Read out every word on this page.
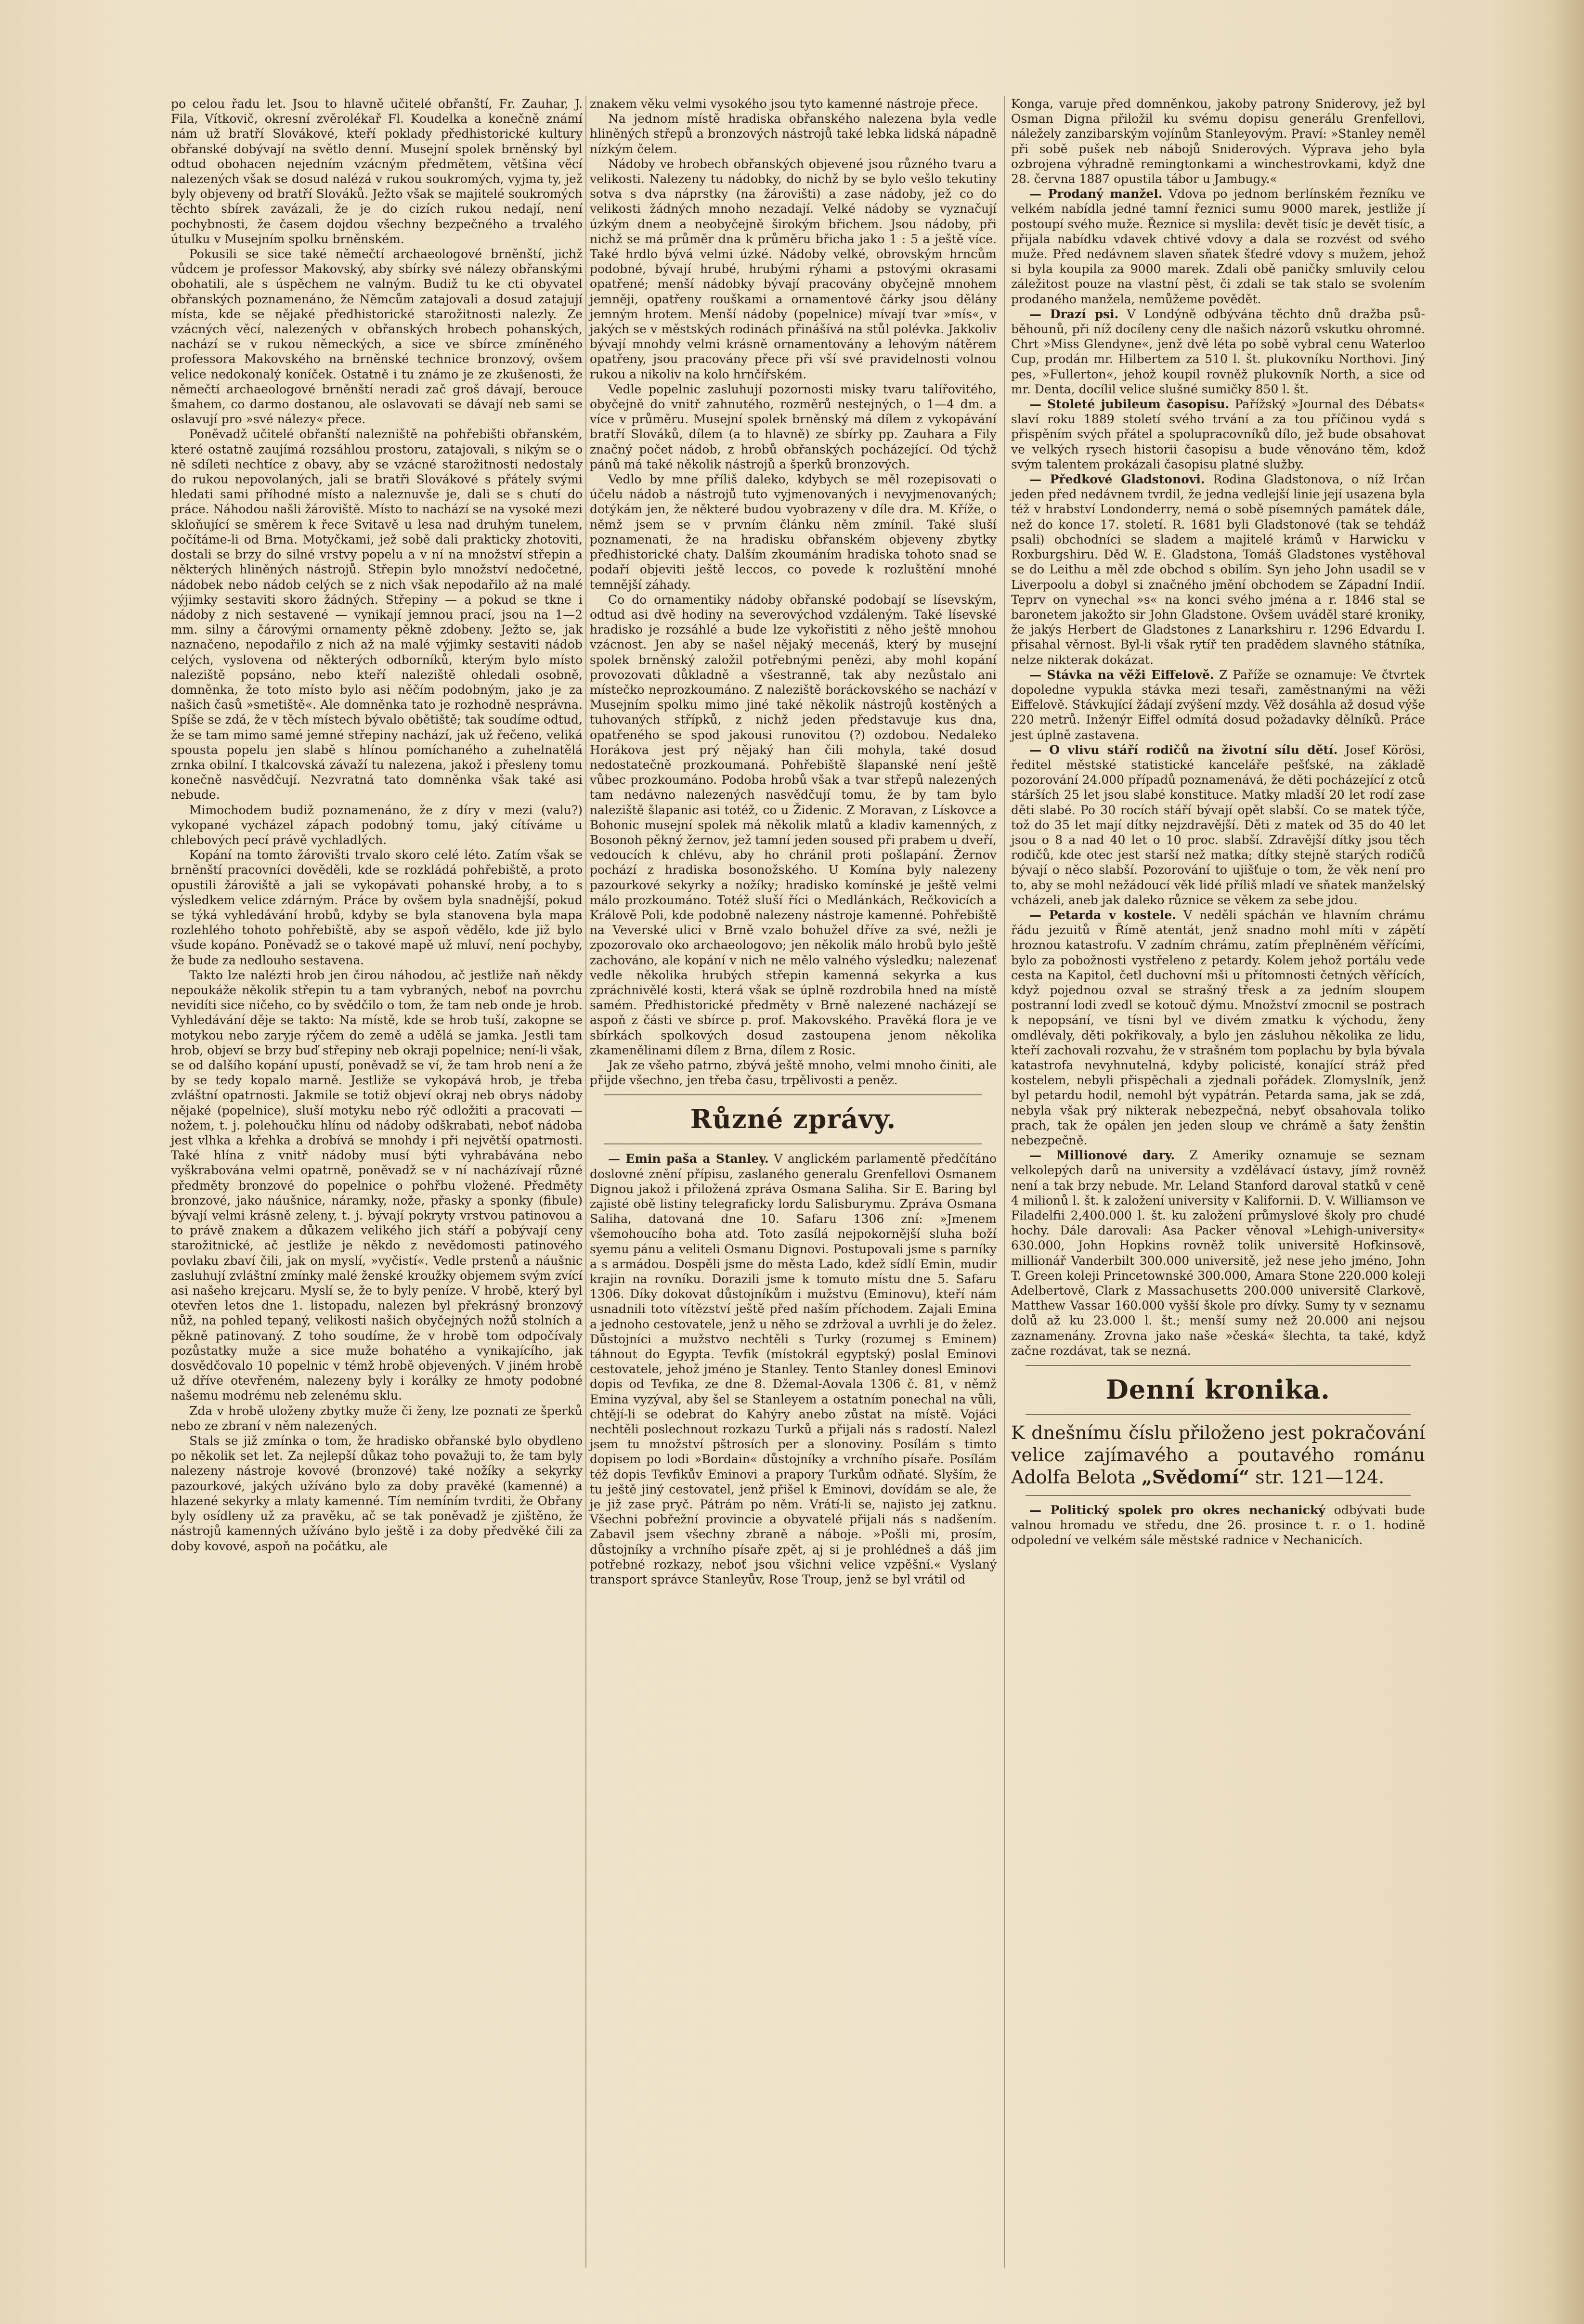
po celou řadu let. Jsou to hlavně učitelé obřanští, Fr. Zauhar, J. Fila, Vítkovič, okresní zvěrolékař Fl. Koudelka a konečně známí nám už bratří Slovákové, kteří poklady předhistorické kultury obřanské dobývají na světlo denní. Musejní spolek brněnský byl odtud obohacen nejedním vzácným předmětem, většina věcí nalezených však se dosud nalézá v rukou soukromých, vyjma ty, jež byly objeveny od bratří Slováků. Ježto však se majitelé soukromých těchto sbírek zavázali, že je do cizích rukou nedají, není pochybnosti, že časem dojdou všechny bezpečného a trvalého útulku v Musejním spolku brněnském.

Pokusili se sice také němečtí archaeologové brněnští, jichž vůdcem je professor Makovský, aby sbírky své nálezy obřanskými obohatili, ale s úspěchem ne valným. Budiž tu ke cti obyvatel obřanských poznamenáno, že Němcům zatajovali a dosud zatajují místa, kde se nějaké předhistorické starožitnosti nalezly. Ze vzácných věcí, nalezených v obřanských hrobech pohanských, nachází se v rukou německých, a sice ve sbírce zmíněného professora Makovského na brněnské technice bronzový, ovšem velice nedokonalý koníček. Ostatně i tu známo je ze zkušenosti, že němečtí archaeologové brněnští neradi zač groš dávají, berouce šmahem, co darmo dostanou, ale oslavovati se dávají neb sami se oslavují pro »své nálezy« přece.

Poněvadž učitelé obřanští nalezniště na pohřebišti obřanském, které ostatně zaujímá rozsáhlou prostoru, zatajovali, s nikým se o ně sdíleti nechtíce z obavy, aby se vzácné starožitnosti nedostaly do rukou nepovolaných, jali se bratři Slovákové s přátely svými hledati sami příhodné místo a naleznuvše je, dali se s chutí do práce. Náhodou našli žároviště. Místo to nachází se na vysoké mezi skloňující se směrem k řece Svitavě u lesa nad druhým tunelem, počítáme-li od Brna. Motyčkami, jež sobě dali prakticky zhotoviti, dostali se brzy do silné vrstvy popelu a v ní na množství střepin a některých hliněných nástrojů. Střepin bylo množství nedočetné, nádobek nebo nádob celých se z nich však nepodařilo až na malé výjimky sestaviti skoro žádných. Střepiny — a pokud se tkne i nádoby z nich sestavené — vynikají jemnou prací, jsou na 1—2 mm. silny a čárovými ornamenty pěkně zdobeny. Ježto se, jak naznačeno, nepodařilo z nich až na malé výjimky sestaviti nádob celých, vyslovena od některých odborníků, kterým bylo místo naleziště popsáno, nebo kteří naleziště ohledali osobně, domněnka, že toto místo bylo asi něčím podobným, jako je za našich časů »smetiště«. Ale domněnka tato je rozhodně nesprávna. Spíše se zdá, že v těch místech bývalo obětiště; tak soudíme odtud, že se tam mimo samé jemné střepiny nachází, jak už řečeno, veliká spousta popelu jen slabě s hlínou pomíchaného a zuhelnatělá zrnka obilní. I tkalcovská závaží tu nalezena, jakož i přesleny tomu konečně nasvědčují. Nezvratná tato domněnka však také asi nebude.

Mimochodem budiž poznamenáno, že z díry v mezi (valu?) vykopané vycházel zápach podobný tomu, jaký cítíváme u chlebových pecí právě vychladlých.

Kopání na tomto žárovišti trvalo skoro celé léto. Zatím však se brněnští pracovníci dověděli, kde se rozkládá pohřebiště, a proto opustili žároviště a jali se vykopávati pohanské hroby, a to s výsledkem velice zdárným. Práce by ovšem byla snadnější, pokud se týká vyhledávání hrobů, kdyby se byla stanovena byla mapa rozlehlého tohoto pohřebiště, aby se aspoň vědělo, kde již bylo všude kopáno. Poněvadž se o takové mapě už mluví, není pochyby, že bude za nedlouho sestavena.

Takto lze nalézti hrob jen čirou náhodou, ač jestliže naň někdy nepoukáže několik střepin tu a tam vybraných, neboť na povrchu nevidíti sice ničeho, co by svědčilo o tom, že tam neb onde je hrob. Vyhledávání děje se takto: Na místě, kde se hrob tuší, zakopne se motykou nebo zaryje rýčem do země a udělá se jamka. Jestli tam hrob, objeví se brzy buď střepiny neb okraji popelnice; není-li však, se od dalšího kopání upustí, poněvadž se ví, že tam hrob není a že by se tedy kopalo marně. Jestliže se vykopává hrob, je třeba zvláštní opatrnosti. Jakmile se totiž objeví okraj neb obrys nádoby nějaké (popelnice), sluší motyku nebo rýč odložiti a pracovati — nožem, t. j. polehoučku hlínu od nádoby odškrabati, neboť nádoba jest vlhka a křehka a drobívá se mnohdy i při největší opatrnosti. Také hlína z vnitř nádoby musí býti vyhrabávána nebo vyškrabována velmi opatrně, poněvadž se v ní nacházívají různé předměty bronzové do popelnice o pohřbu vložené. Předměty bronzové, jako náušnice, náramky, nože, přasky a sponky (fibule) bývají velmi krásně zeleny, t. j. bývají pokryty vrstvou patinovou a to právě znakem a důkazem velikého jich stáří a pobývají ceny starožitnické, ač jestliže je někdo z nevědomosti patinového povlaku zbaví čili, jak on myslí, »vyčistí«. Vedle prstenů a náušnic zasluhují zvláštní zmínky malé ženské kroužky objemem svým zvící asi našeho krejcaru. Myslí se, že to byly peníze. V hrobě, který byl otevřen letos dne 1. listopadu, nalezen byl překrásný bronzový nůž, na pohled tepaný, velikosti našich obyčejných nožů stolních a pěkně patinovaný. Z toho soudíme, že v hrobě tom odpočívaly pozůstatky muže a sice muže bohatého a vynikajícího, jak dosvědčovalo 10 popelnic v témž hrobě objevených. V jiném hrobě už dříve otevřeném, nalezeny byly i korálky ze hmoty podobné našemu modrému neb zelenému sklu.

Zda v hrobě uloženy zbytky muže či ženy, lze poznati ze šperků nebo ze zbraní v něm nalezených.

Stals se již zmínka o tom, že hradisko obřanské bylo obydleno po několik set let. Za nejlepší důkaz toho považuji to, že tam byly nalezeny nástroje kovové (bronzové) také nožíky a sekyrky pazourkové, jakých užíváno bylo za doby pravěké (kamenné) a hlazené sekyrky a mlaty kamenné. Tím nemíním tvrditi, že Obřany byly osídleny už za pravěku, ač se tak poněvadž je zjištěno, že nástrojů kamenných užíváno bylo ještě i za doby předvěké čili za doby kovové, aspoň na počátku, ale

znakem věku velmi vysokého jsou tyto kamenné nástroje přece.

Na jednom místě hradiska obřanského nalezena byla vedle hliněných střepů a bronzových nástrojů také lebka lidská nápadně nízkým čelem.

Nádoby ve hrobech obřanských objevené jsou různého tvaru a velikosti. Nalezeny tu nádobky, do nichž by se bylo vešlo tekutiny sotva s dva náprstky (na žárovišti) a zase nádoby, jež co do velikosti žádných mnoho nezadají. Velké nádoby se vyznačují úzkým dnem a neobyčejně širokým břichem. Jsou nádoby, při nichž se má průměr dna k průměru břicha jako 1 : 5 a ještě více. Také hrdlo bývá velmi úzké. Nádoby velké, obrovským hrncům podobné, bývají hrubé, hrubými rýhami a pstovými okrasami opatřené; menší nádobky bývají pracovány obyčejně mnohem jemněji, opatřeny rouškami a ornamentové čárky jsou dělány jemným hrotem. Menší nádoby (popelnice) mívají tvar »mís«, v jakých se v městských rodinách přinášívá na stůl polévka. Jakkoliv bývají mnohdy velmi krásně ornamentovány a lehovým nátěrem opatřeny, jsou pracovány přece při vší své pravidelnosti volnou rukou a nikoliv na kolo hrnčířském.

Vedle popelnic zasluhují pozornosti misky tvaru talířovitého, obyčejně do vnitř zahnutého, rozměrů nestejných, o 1—4 dm. a více v průměru. Musejní spolek brněnský má dílem z vykopávání bratří Slováků, dílem (a to hlavně) ze sbírky pp. Zauhara a Fily značný počet nádob, z hrobů obřanských pocházející. Od týchž pánů má také několik nástrojů a šperků bronzových.

Vedlo by mne příliš daleko, kdybych se měl rozepisovati o účelu nádob a nástrojů tuto vyjmenovaných i nevyjmenovaných; dotýkám jen, že některé budou vyobrazeny v díle dra. M. Kříže, o němž jsem se v prvním článku něm zmínil. Také sluší poznamenati, že na hradisku obřanském objeveny zbytky předhistorické chaty. Dalším zkoumáním hradiska tohoto snad se podaří objeviti ještě leccos, co povede k rozluštění mnohé temnější záhady.

Co do ornamentiky nádoby obřanské podobají se lísevským, odtud asi dvě hodiny na severovýchod vzdáleným. Také lísevské hradisko je rozsáhlé a bude lze vykořistiti z něho ještě mnohou vzácnost. Jen aby se našel nějaký mecenáš, který by musejní spolek brněnský založil potřebnými penězi, aby mohl kopání provozovati důkladně a všestranně, tak aby nezůstalo ani místečko neprozkoumáno. Z naleziště boráckovského se nachází v Musejním spolku mimo jiné také několik nástrojů kostěných a tuhovaných střípků, z nichž jeden představuje kus dna, opatřeného se spod jakousi runovitou (?) ozdobou. Nedaleko Horákova jest prý nějaký han čili mohyla, také dosud nedostatečně prozkoumaná. Pohřebiště šlapanské není ještě vůbec prozkoumáno. Podoba hrobů však a tvar střepů nalezených tam nedávno nalezených nasvědčují tomu, že by tam bylo naleziště šlapanic asi totéž, co u Židenic. Z Moravan, z Lískovce a Bohonic musejní spolek má několik mlatů a kladiv kamenných, z Bosonoh pěkný žernov, jež tamní jeden soused při prabem u dveří, vedoucích k chlévu, aby ho chránil proti pošlapání. Žernov pochází z hradiska bosonožského. U Komína byly nalezeny pazourkové sekyrky a nožíky; hradisko komínské je ještě velmi málo prozkoumáno. Totéž sluší říci o Medlánkách, Rečkovicích a Králově Poli, kde podobně nalezeny nástroje kamenné. Pohřebiště na Veverské ulici v Brně vzalo bohužel dříve za své, nežli je zpozorovalo oko archaeologovo; jen několik málo hrobů bylo ještě zachováno, ale kopání v nich ne mělo valného výsledku; nalezenať vedle několika hrubých střepin kamenná sekyrka a kus zpráchnivělé kosti, která však se úplně rozdrobila hned na místě samém. Předhistorické předměty v Brně nalezené nacházejí se aspoň z části ve sbírce p. prof. Makovského. Pravěká flora je ve sbírkách spolkových dosud zastoupena jenom několika zkamenělinami dílem z Brna, dílem z Rosic.

Jak ze všeho patrno, zbývá ještě mnoho, velmi mnoho činiti, ale přijde všechno, jen třeba času, trpělivosti a peněz.

Různé zprávy.

— Emin paša a Stanley. V anglickém parlamentě předčítáno doslovné znění přípisu, zaslaného generalu Grenfellovi Osmanem Dignou jakož i přiložená zpráva Osmana Saliha. Sir E. Baring byl zajisté obě listiny telegraficky lordu Salisburymu. Zpráva Osmana Saliha, datovaná dne 10. Safaru 1306 zní: »Jmenem všemohoucího boha atd. Toto zasílá nejpokornější sluha boží syemu pánu a veliteli Osmanu Dignovi. Postupovali jsme s parníky a s armádou. Dospěli jsme do města Lado, kdež sídlí Emin, mudir krajin na rovníku. Dorazili jsme k tomuto místu dne 5. Safaru 1306. Díky dokovat důstojníkům i mužstvu (Eminovu), kteří nám usnadnili toto vítězství ještě před naším příchodem. Zajali Emina a jednoho cestovatele, jenž u něho se zdržoval a uvrhli je do želez. Důstojníci a mužstvo nechtěli s Turky (rozumej s Eminem) táhnout do Egypta. Tevfik (místokrál egyptský) poslal Eminovi cestovatele, jehož jméno je Stanley. Tento Stanley donesl Eminovi dopis od Tevfika, ze dne 8. Džemal-Aovala 1306 č. 81, v němž Emina vyzýval, aby šel se Stanleyem a ostatním ponechal na vůli, chtějí-li se odebrat do Kahýry anebo zůstat na místě. Vojáci nechtěli poslechnout rozkazu Turků a přijali nás s radostí. Nalezl jsem tu množství pštrosích per a slonoviny. Posílám s timto dopisem po lodi »Bordain« důstojníky a vrchního písaře. Posílám též dopis Tevfikův Eminovi a prapory Turkům odňaté. Slyším, že tu ještě jiný cestovatel, jenž přišel k Eminovi, dovídám se ale, že je již zase pryč. Pátrám po něm. Vrátí-li se, najisto jej zatknu. Všechni pobřežní provincie a obyvatelé přijali nás s nadšením. Zabavil jsem všechny zbraně a náboje. »Pošli mi, prosím, důstojníky a vrchního písaře zpět, aj si je prohlédneš a dáš jim potřebné rozkazy, neboť jsou všichni velice vzpěšní.« Vyslaný transport správce Stanleyův, Rose Troup, jenž se byl vrátil od

Konga, varuje před domněnkou, jakoby patrony Sniderovy, jež byl Osman Digna přiložil ku svému dopisu generálu Grenfellovi, náležely zanzibarským vojínům Stanleyovým. Praví: »Stanley neměl při sobě pušek neb nábojů Sniderových. Výprava jeho byla ozbrojena výhradně remingtonkami a winchestrovkami, když dne 28. června 1887 opustila tábor u Jambugy.«

— Prodaný manžel. Vdova po jednom berlínském řezníku ve velkém nabídla jedné tamní řeznici sumu 9000 marek, jestliže jí postoupí svého muže. Řeznice si myslila: devět tisíc je devět tisíc, a přijala nabídku vdavek chtivé vdovy a dala se rozvést od svého muže. Před nedávnem slaven sňatek šťedré vdovy s mužem, jehož si byla koupila za 9000 marek. Zdali obě paničky smluvily celou záležitost pouze na vlastní pěst, či zdali se tak stalo se svolením prodaného manžela, nemůžeme povědět.

— Drazí psi. V Londýně odbývána těchto dnů dražba psů-běhounů, při níž docíleny ceny dle našich názorů vskutku ohromné. Chrt »Miss Glendyne«, jenž dvě léta po sobě vybral cenu Waterloo Cup, prodán mr. Hilbertem za 510 l. št. plukovníku Northovi. Jiný pes, »Fullerton«, jehož koupil rovněž plukovník North, a sice od mr. Denta, docílil velice slušné sumičky 850 l. št.

— Stoleté jubileum časopisu. Pařížský »Journal des Débats« slaví roku 1889 století svého trvání a za tou příčinou vydá s přispěním svých přátel a spolupracovníků dílo, jež bude obsahovat ve velkých rysech historii časopisu a bude věnováno těm, kdož svým talentem prokázali časopisu platné služby.

— Předkové Gladstonovi. Rodina Gladstonova, o níž Irčan jeden před nedávnem tvrdil, že jedna vedlejší linie její usazena byla též v hrabství Londonderry, nemá o sobě písemných památek dále, než do konce 17. století. R. 1681 byli Gladstonové (tak se tehdáž psali) obchodníci se sladem a majitelé krámů v Harwicku v Roxburgshiru. Děd W. E. Gladstona, Tomáš Gladstones vystěhoval se do Leithu a měl zde obchod s obilím. Syn jeho John usadil se v Liverpoolu a dobyl si značného jmění obchodem se Západní Indií. Teprv on vynechal »s« na konci svého jména a r. 1846 stal se baronetem jakožto sir John Gladstone. Ovšem uváděl staré kroniky, že jakýs Herbert de Gladstones z Lanarkshiru r. 1296 Edvardu I. přisahal věrnost. Byl-li však rytíř ten pradědem slavného státníka, nelze nikterak dokázat.

— Stávka na věži Eiffelově. Z Paříže se oznamuje: Ve čtvrtek dopoledne vypukla stávka mezi tesaři, zaměstnanými na věži Eiffelově. Stávkující žádají zvýšení mzdy. Věž dosáhla až dosud výše 220 metrů. Inženýr Eiffel odmítá dosud požadavky dělníků. Práce jest úplně zastavena.

— O vlivu stáří rodičů na životní sílu dětí. Josef Körösi, ředitel městské statistické kanceláře pešťské, na základě pozorování 24.000 případů poznamenává, že děti pocházející z otců stárších 25 let jsou slabé konstituce. Matky mladší 20 let rodí zase děti slabé. Po 30 rocích stáří bývají opět slabší. Co se matek týče, tož do 35 let mají dítky nejzdravější. Děti z matek od 35 do 40 let jsou o 8 a nad 40 let o 10 proc. slabší. Zdravější dítky jsou těch rodičů, kde otec jest starší než matka; dítky stejně starých rodičů bývají o něco slabší. Pozorování to ujišťuje o tom, že věk není pro to, aby se mohl nežádoucí věk lidé příliš mladí ve sňatek manželský vcházeli, aneb jak daleko různice se věkem za sebe jdou.

— Petarda v kostele. V neděli spáchán ve hlavním chrámu řádu jezuitů v Římě atentát, jenž snadno mohl míti v zápětí hroznou katastrofu. V zadním chrámu, zatím přeplněném věřícími, bylo za pobožnosti vystřeleno z petardy. Kolem jehož portálu vede cesta na Kapitol, četl duchovní mši u přítomnosti četných věřících, když pojednou ozval se strašný třesk a za jedním sloupem postranní lodi zvedl se kotouč dýmu. Množství zmocnil se postrach k nepopsání, ve tísni byl ve divém zmatku k východu, ženy omdlévaly, děti pokřikovaly, a bylo jen zásluhou několika ze lidu, kteří zachovali rozvahu, že v strašném tom poplachu by byla bývala katastrofa nevyhnutelná, kdyby policisté, konající stráž před kostelem, nebyli přispěchali a zjednali pořádek. Zlomyslník, jenž byl petardu hodil, nemohl být vypátrán. Petarda sama, jak se zdá, nebyla však prý nikterak nebezpečná, nebyť obsahovala toliko prach, tak že opálen jen jeden sloup ve chrámě a šaty ženštin nebezpečně.

— Millionové dary. Z Ameriky oznamuje se seznam velkolepých darů na university a vzdělávací ústavy, jímž rovněž není a tak brzy nebude. Mr. Leland Stanford daroval statků v ceně 4 milionů l. št. k založení university v Kalifornii. D. V. Williamson ve Filadelfii 2,400.000 l. št. ku založení průmyslové školy pro chudé hochy. Dále darovali: Asa Packer věnoval »Lehigh-university« 630.000, John Hopkins rovněž tolik universitě Hofkinsově, millionář Vanderbilt 300.000 universitě, jež nese jeho jméno, John T. Green koleji Princetownské 300.000, Amara Stone 220.000 koleji Adelbertově, Clark z Massachusetts 200.000 universitě Clarkově, Matthew Vassar 160.000 vyšší škole pro dívky. Sumy ty v seznamu dolů až ku 23.000 l. št.; menší sumy než 20.000 ani nejsou zaznamenány. Zrovna jako naše »česká« šlechta, ta také, když začne rozdávat, tak se nezná.

Denní kronika.
K dnešnímu číslu přiloženo jest pokračování velice zajímavého a poutavého románu Adolfa Belota „Svědomí“ str. 121—124.

— Politický spolek pro okres nechanický odbývati bude valnou hromadu ve středu, dne 26. prosince t. r. o 1. hodině odpolední ve velkém sále městské radnice v Nechanicích.
